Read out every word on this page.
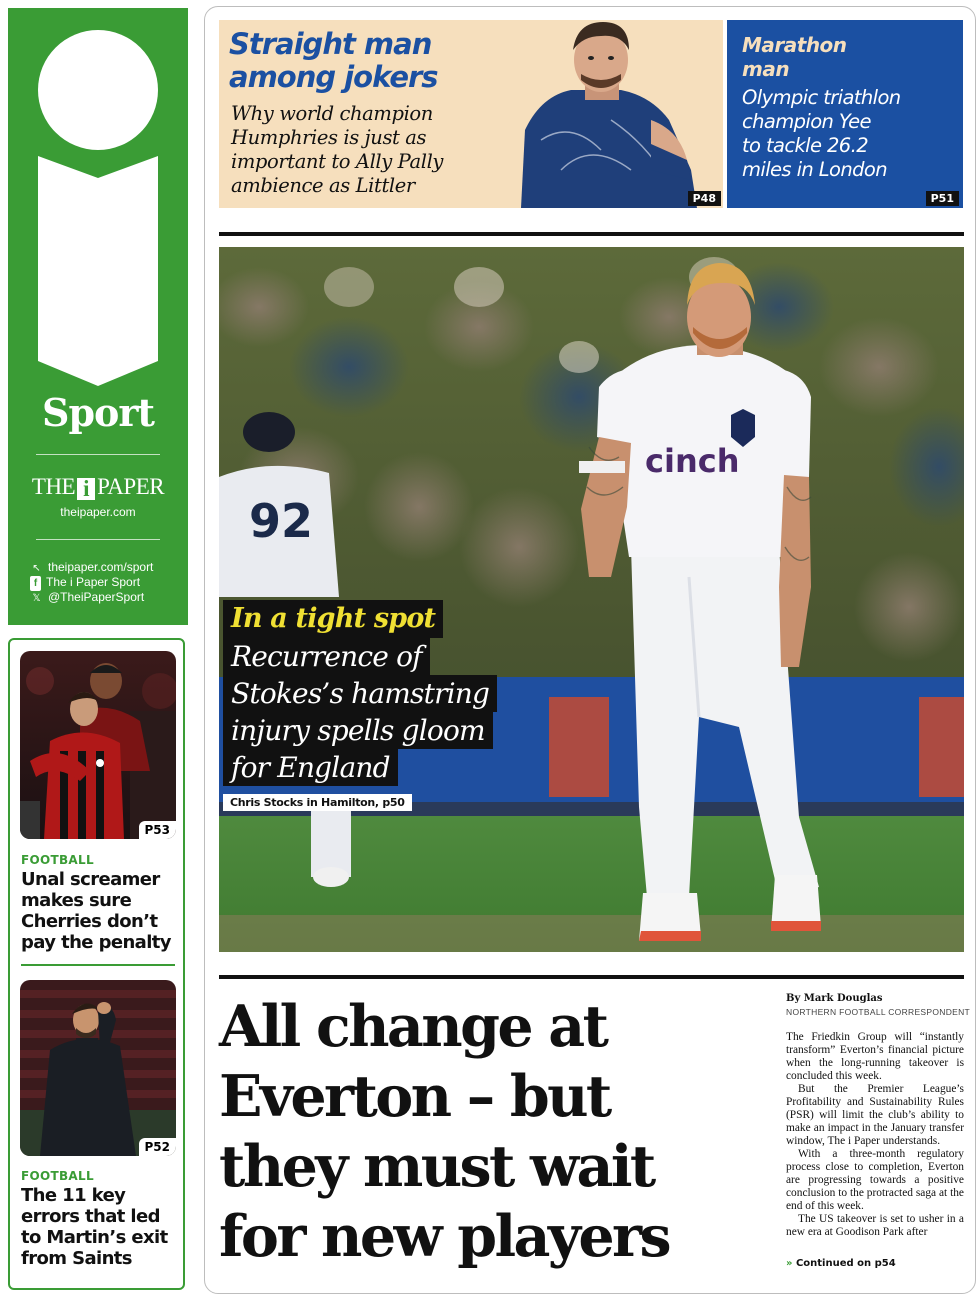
Sport
THE i PAPER
theipaper.com
↖ theipaper.com/sport
f The i Paper Sport
𝕏 @TheiPaperSport
P53
FOOTBALL
Unal screamer
makes sure
Cherries don’t
pay the penalty
P52
FOOTBALL
The 11 key
errors that led
to Martin’s exit
from Saints
P48
Straight man
among jokers
Why world champion
Humphries is just as
important to Ally Pally
ambience as Littler
P51
Marathon
man
Olympic triathlon
champion Yee
to tackle 26.2
miles in London
92
cinch
In a tight spot
Recurrence of
Stokes’s hamstring
injury spells gloom
for England
Chris Stocks in Hamilton, p50
All change at
Everton – but
they must wait
for new players
By Mark Douglas
NORTHERN FOOTBALL CORRESPONDENT

The Friedkin Group will “instantly transform” Everton’s financial picture when the long-running takeover is concluded this week.

But the Premier League’s Profitability and Sustainability Rules (PSR) will limit the club’s ability to make an impact in the January transfer window, The i Paper understands.

With a three-month regulatory process close to completion, Everton are progressing towards a positive conclusion to the protracted saga at the end of this week.

The US takeover is set to usher in a new era at Goodison Park after

» Continued on p54
